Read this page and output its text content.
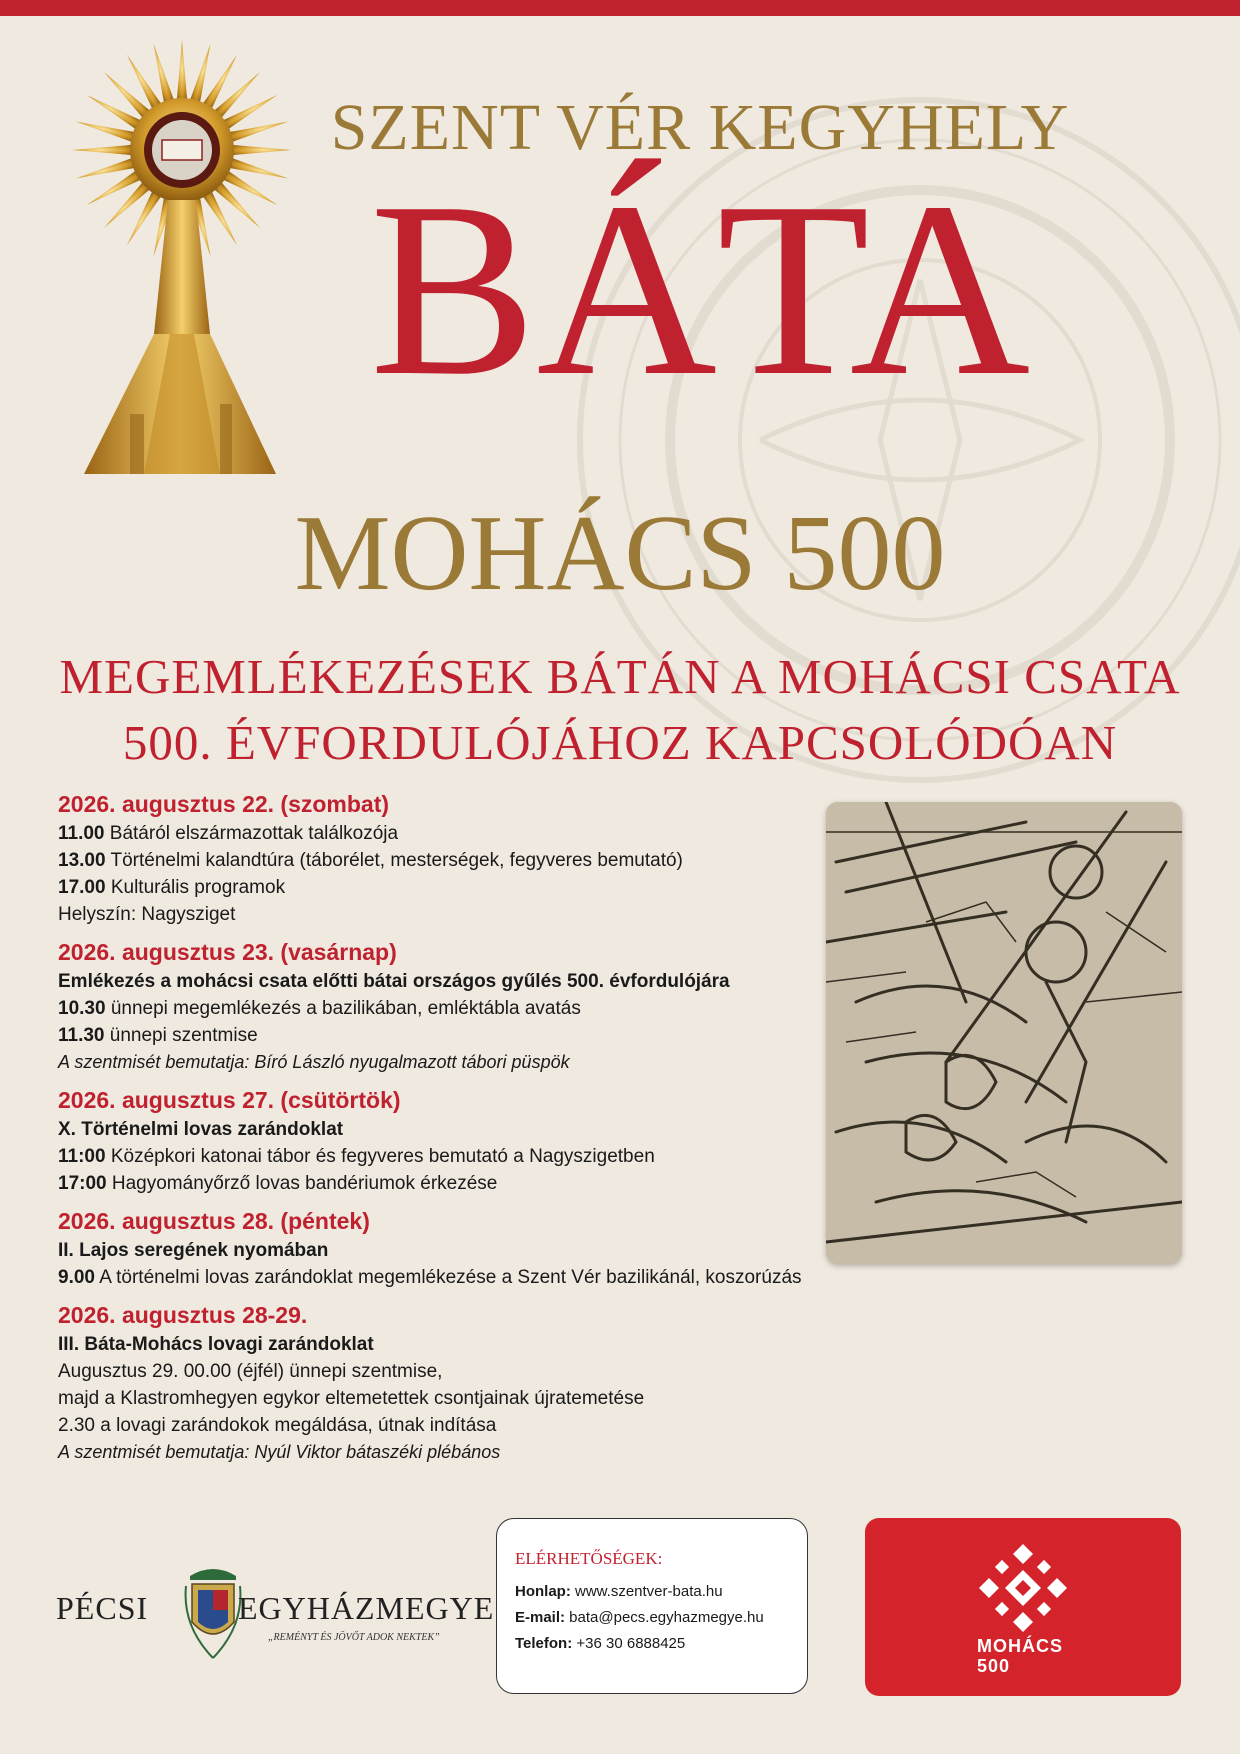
SZENT VÉR KEGYHELY
BÁTA
MOHÁCS 500
MEGEMLÉKEZÉSEK BÁTÁN A MOHÁCSI CSATA
500. ÉVFORDULÓJÁHOZ KAPCSOLÓDÓAN
2026. augusztus 22. (szombat)
11.00 Bátáról elszármazottak találkozója
13.00 Történelmi kalandtúra (táborélet, mesterségek, fegyveres bemutató)
17.00 Kulturális programok
Helyszín: Nagysziget
2026. augusztus 23. (vasárnap)
Emlékezés a mohácsi csata előtti bátai országos gyűlés 500. évfordulójára
10.30 ünnepi megemlékezés a bazilikában, emléktábla avatás
11.30 ünnepi szentmise
A szentmisét bemutatja: Bíró László nyugalmazott tábori püspök
2026. augusztus 27. (csütörtök)
X. Történelmi lovas zarándoklat
11:00 Középkori katonai tábor és fegyveres bemutató a Nagyszigetben
17:00 Hagyományőrző lovas bandériumok érkezése
2026. augusztus 28. (péntek)
II. Lajos seregének nyomában
9.00 A történelmi lovas zarándoklat megemlékezése a Szent Vér bazilikánál, koszorúzás
2026. augusztus 28-29.
III. Báta-Mohács lovagi zarándoklat
Augusztus 29. 00.00 (éjfél) ünnepi szentmise,
majd a Klastromhegyen egykor eltemetettek csontjainak újratemetése
2.30 a lovagi zarándokok megáldása, útnak indítása
A szentmisét bemutatja: Nyúl Viktor bátaszéki plébános
PÉCSI	EGYHÁZMEGYE
„REMÉNYT ÉS JÖVŐT ADOK NEKTEK”
ELÉRHETŐSÉGEK:
Honlap: www.szentver-bata.hu
E-mail: bata@pecs.egyhazmegye.hu
Telefon: +36 30 6888425	MOHÁCS
500
